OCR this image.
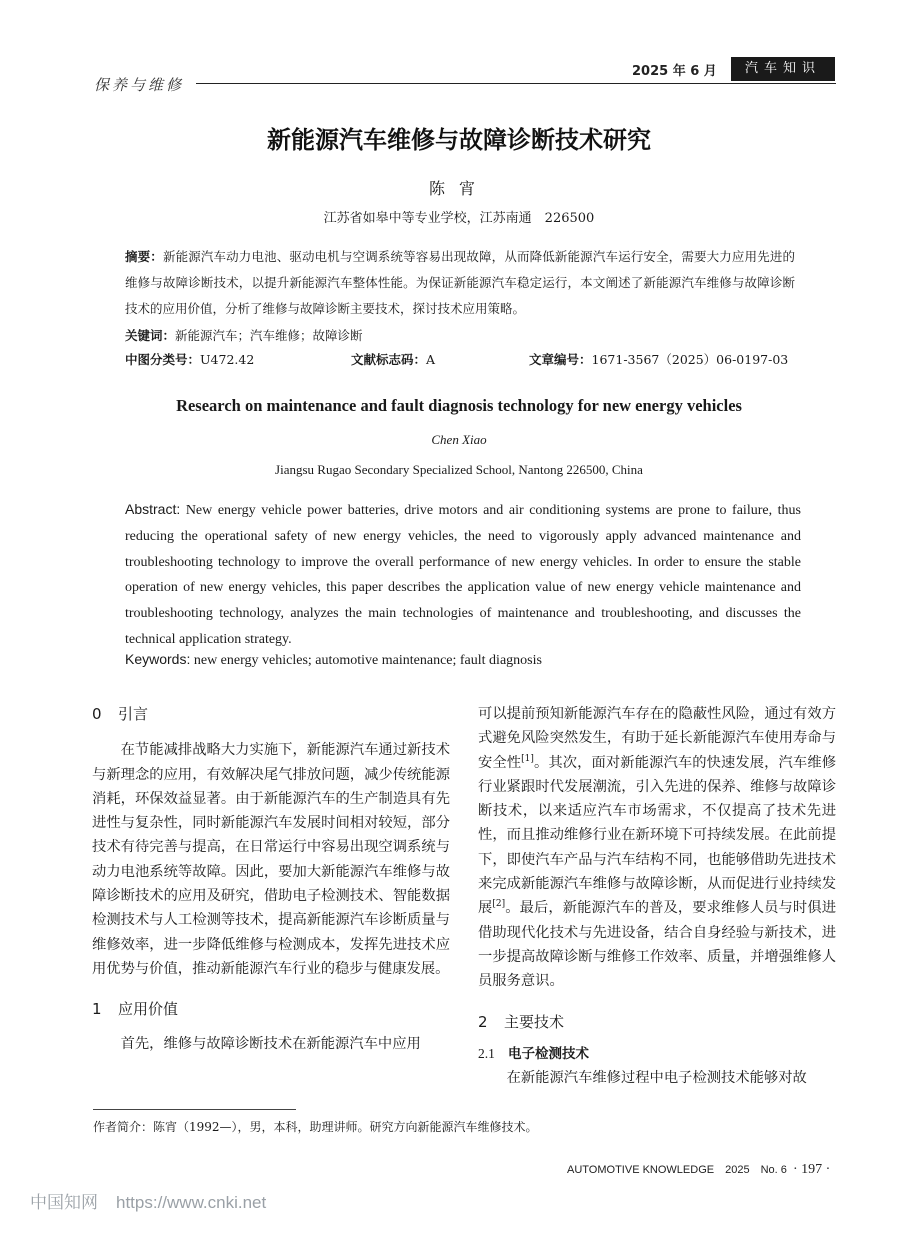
保养与维修
2025 年 6 月	汽车知识
新能源汽车维修与故障诊断技术研究
陈宵
江苏省如皋中等专业学校，江苏南通　226500
摘要：新能源汽车动力电池、驱动电机与空调系统等容易出现故障，从而降低新能源汽车运行安全，需要大力应用先进的维修与故障诊断技术，以提升新能源汽车整体性能。为保证新能源汽车稳定运行，本文阐述了新能源汽车维修与故障诊断技术的应用价值，分析了维修与故障诊断主要技术，探讨技术应用策略。
关键词：新能源汽车；汽车维修；故障诊断
中图分类号：U472.42	文献标志码：A	文章编号：1671-3567（2025）06-0197-03
Research on maintenance and fault diagnosis technology for new energy vehicles
Chen Xiao
Jiangsu Rugao Secondary Specialized School, Nantong 226500, China
Abstract: New energy vehicle power batteries, drive motors and air conditioning systems are prone to failure, thus reducing the operational safety of new energy vehicles, the need to vigorously apply advanced maintenance and troubleshooting technology to improve the overall performance of new energy vehicles. In order to ensure the stable operation of new energy vehicles, this paper describes the application value of new energy vehicle maintenance and troubleshooting technology, analyzes the main technologies of maintenance and troubleshooting, and discusses the technical application strategy.
Keywords: new energy vehicles; automotive maintenance; fault diagnosis
0 引言

在节能减排战略大力实施下，新能源汽车通过新技术与新理念的应用，有效解决尾气排放问题，减少传统能源消耗，环保效益显著。由于新能源汽车的生产制造具有先进性与复杂性，同时新能源汽车发展时间相对较短，部分技术有待完善与提高，在日常运行中容易出现空调系统与动力电池系统等故障。因此，要加大新能源汽车维修与故障诊断技术的应用及研究，借助电子检测技术、智能数据检测技术与人工检测等技术，提高新能源汽车诊断质量与维修效率，进一步降低维修与检测成本，发挥先进技术应用优势与价值，推动新能源汽车行业的稳步与健康发展。

1 应用价值

首先，维修与故障诊断技术在新能源汽车中应用

可以提前预知新能源汽车存在的隐蔽性风险，通过有效方式避免风险突然发生，有助于延长新能源汽车使用寿命与安全性[1]。其次，面对新能源汽车的快速发展，汽车维修行业紧跟时代发展潮流，引入先进的保养、维修与故障诊断技术，以来适应汽车市场需求，不仅提高了技术先进性，而且推动维修行业在新环境下可持续发展。在此前提下，即使汽车产品与汽车结构不同，也能够借助先进技术来完成新能源汽车维修与故障诊断，从而促进行业持续发展[2]。最后，新能源汽车的普及，要求维修人员与时俱进借助现代化技术与先进设备，结合自身经验与新技术，进一步提高故障诊断与维修工作效率、质量，并增强维修人员服务意识。

2 主要技术
2.1 电子检测技术

在新能源汽车维修过程中电子检测技术能够对故

作者简介：陈宵（1992—），男，本科，助理讲师。研究方向新能源汽车维修技术。
AUTOMOTIVE KNOWLEDGE　2025　No. 6 · 197 ·
中国知网 https://www.cnki.net
